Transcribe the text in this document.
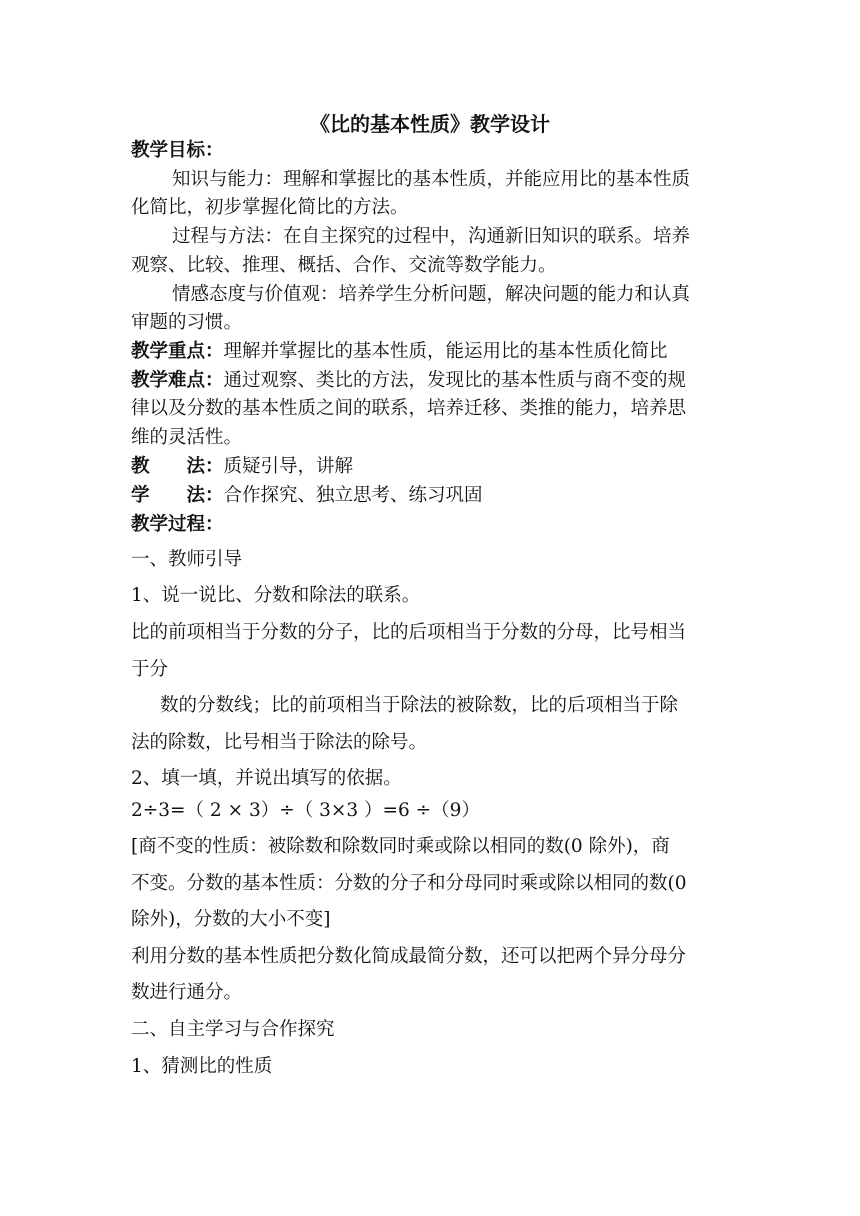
《比的基本性质》教学设计
教学目标：
知识与能力：理解和掌握比的基本性质，并能应用比的基本性质
化简比，初步掌握化简比的方法。
过程与方法：在自主探究的过程中，沟通新旧知识的联系。培养
观察、比较、推理、概括、合作、交流等数学能力。
情感态度与价值观：培养学生分析问题，解决问题的能力和认真
审题的习惯。
教学重点：理解并掌握比的基本性质，能运用比的基本性质化简比
教学难点：通过观察、类比的方法，发现比的基本性质与商不变的规
律以及分数的基本性质之间的联系，培养迁移、类推的能力，培养思
维的灵活性。
教　　法：质疑引导，讲解
学　　法：合作探究、独立思考、练习巩固
教学过程：
一、教师引导
1、说一说比、分数和除法的联系。
比的前项相当于分数的分子，比的后项相当于分数的分母，比号相当
于分
数的分数线；比的前项相当于除法的被除数，比的后项相当于除
法的除数，比号相当于除法的除号。
2、填一填，并说出填写的依据。
2÷3=（ 2 × 3）÷（ 3×3 ）=6 ÷（9）
[商不变的性质：被除数和除数同时乘或除以相同的数(0 除外)，商
不变。分数的基本性质：分数的分子和分母同时乘或除以相同的数(0
除外)，分数的大小不变]
利用分数的基本性质把分数化简成最简分数，还可以把两个异分母分
数进行通分。
二、自主学习与合作探究
1、猜测比的性质
